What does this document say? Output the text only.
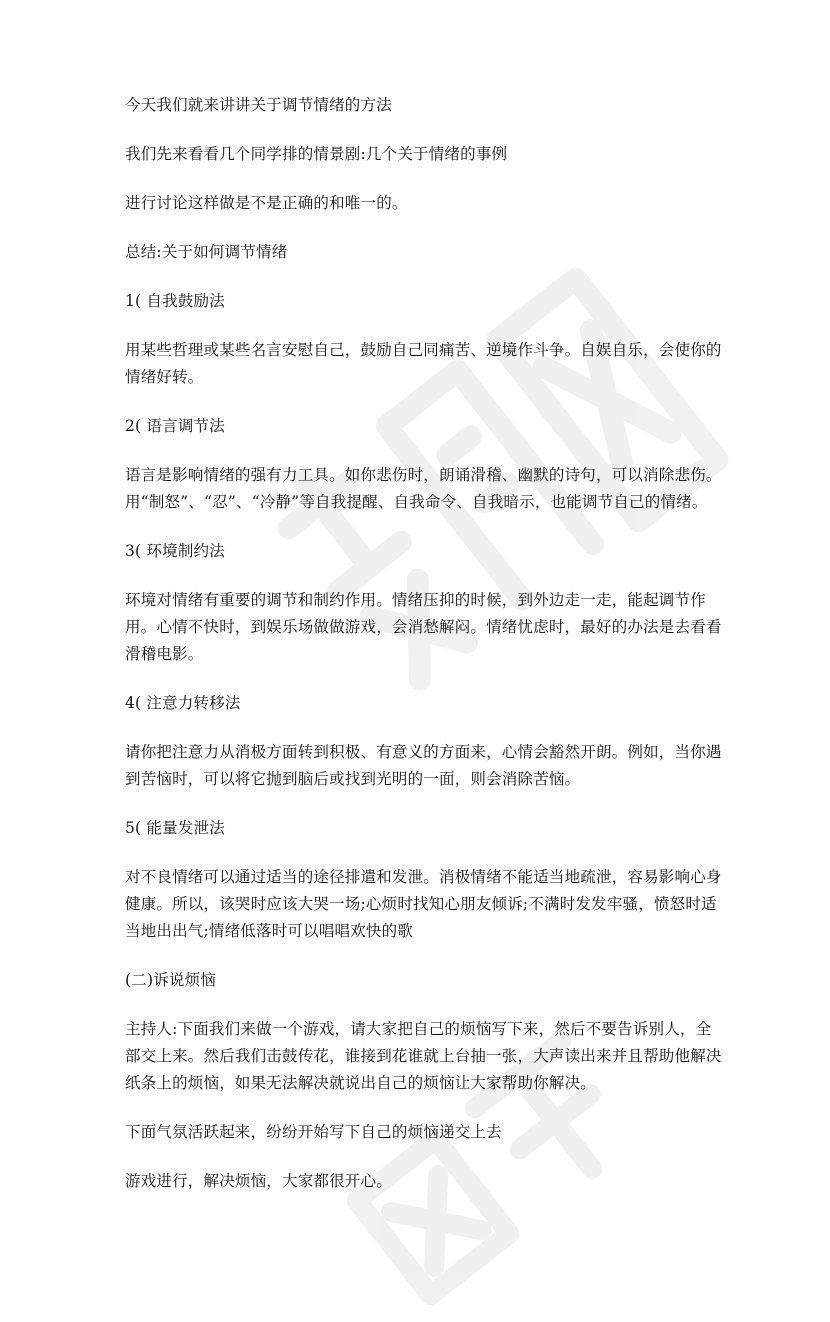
今天我们就来讲讲关于调节情绪的方法

我们先来看看几个同学排的情景剧:几个关于情绪的事例

进行讨论这样做是不是正确的和唯一的。

总结:关于如何调节情绪

1( 自我鼓励法

用某些哲理或某些名言安慰自己，鼓励自己同痛苦、逆境作斗争。自娱自乐，会使你的情绪好转。

2( 语言调节法

语言是影响情绪的强有力工具。如你悲伤时，朗诵滑稽、幽默的诗句，可以消除悲伤。用“制怒”、“忍”、“冷静”等自我提醒、自我命令、自我暗示，也能调节自己的情绪。

3( 环境制约法

环境对情绪有重要的调节和制约作用。情绪压抑的时候，到外边走一走，能起调节作用。心情不快时，到娱乐场做做游戏，会消愁解闷。情绪忧虑时，最好的办法是去看看滑稽电影。

4( 注意力转移法

请你把注意力从消极方面转到积极、有意义的方面来，心情会豁然开朗。例如，当你遇到苦恼时，可以将它抛到脑后或找到光明的一面，则会消除苦恼。

5( 能量发泄法

对不良情绪可以通过适当的途径排遣和发泄。消极情绪不能适当地疏泄，容易影响心身健康。所以，该哭时应该大哭一场;心烦时找知心朋友倾诉;不满时发发牢骚，愤怒时适当地出出气;情绪低落时可以唱唱欢快的歌

(二)诉说烦恼

主持人:下面我们来做一个游戏，请大家把自己的烦恼写下来，然后不要告诉别人，全部交上来。然后我们击鼓传花，谁接到花谁就上台抽一张，大声读出来并且帮助他解决纸条上的烦恼，如果无法解决就说出自己的烦恼让大家帮助你解决。

下面气氛活跃起来，纷纷开始写下自己的烦恼递交上去

游戏进行，解决烦恼，大家都很开心。
